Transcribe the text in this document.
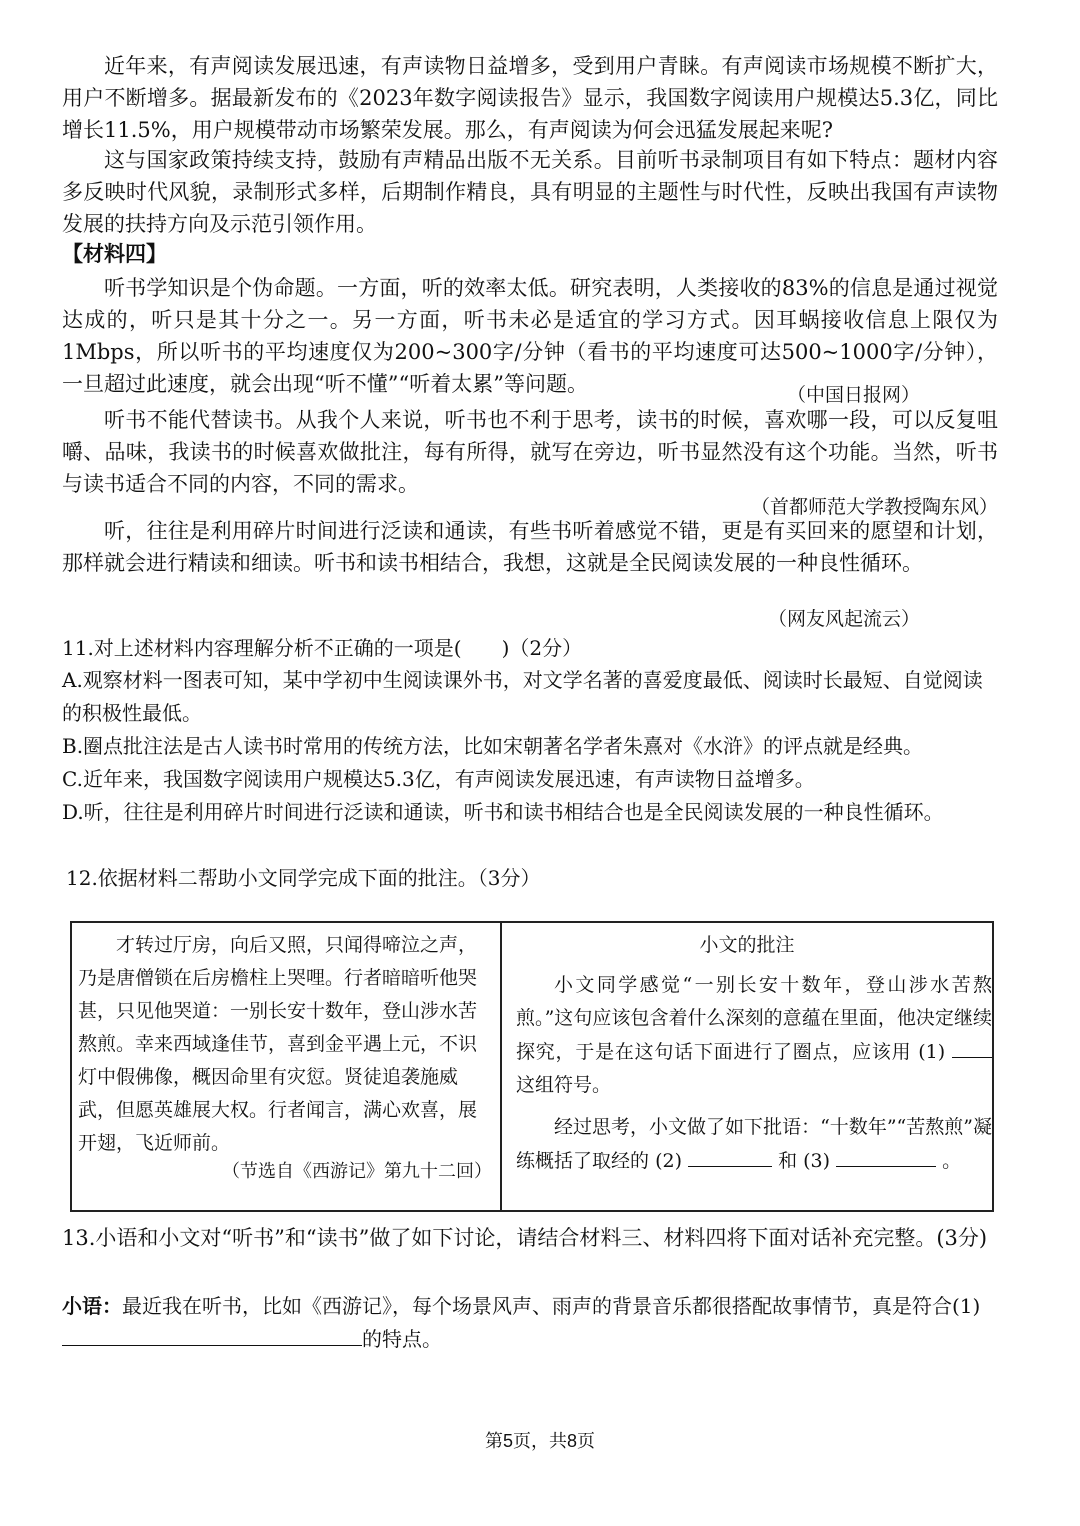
近年来，有声阅读发展迅速，有声读物日益增多，受到用户青睐。有声阅读市场规模不断扩大，用户不断增多。据最新发布的《2023年数字阅读报告》显示，我国数字阅读用户规模达5.3亿，同比增长11.5%，用户规模带动市场繁荣发展。那么，有声阅读为何会迅猛发展起来呢?

这与国家政策持续支持，鼓励有声精品出版不无关系。目前听书录制项目有如下特点：题材内容多反映时代风貌，录制形式多样，后期制作精良，具有明显的主题性与时代性，反映出我国有声读物发展的扶持方向及示范引领作用。

【材料四】

听书学知识是个伪命题。一方面，听的效率太低。研究表明，人类接收的83%的信息是通过视觉达成的，听只是其十分之一。另一方面，听书未必是适宜的学习方式。因耳蜗接收信息上限仅为1Mbps，所以听书的平均速度仅为200~300字/分钟（看书的平均速度可达500~1000字/分钟），一旦超过此速度，就会出现“听不懂”“听着太累”等问题。	（中国日报网）

听书不能代替读书。从我个人来说，听书也不利于思考，读书的时候，喜欢哪一段，可以反复咀嚼、品味，我读书的时候喜欢做批注，每有所得，就写在旁边，听书显然没有这个功能。当然，听书与读书适合不同的内容，不同的需求。

（首都师范大学教授陶东风）

听，往往是利用碎片时间进行泛读和通读，有些书听着感觉不错，更是有买回来的愿望和计划，那样就会进行精读和细读。听书和读书相结合，我想，这就是全民阅读发展的一种良性循环。

（网友风起流云）

11.对上述材料内容理解分析不正确的一项是(　　)（2分）

A.观察材料一图表可知，某中学初中生阅读课外书，对文学名著的喜爱度最低、阅读时长最短、自觉阅读的积极性最低。

B.圈点批注法是古人读书时常用的传统方法，比如宋朝著名学者朱熹对《水浒》的评点就是经典。

C.近年来，我国数字阅读用户规模达5.3亿，有声阅读发展迅速，有声读物日益增多。

D.听，往往是利用碎片时间进行泛读和通读，听书和读书相结合也是全民阅读发展的一种良性循环。

12.依据材料二帮助小文同学完成下面的批注。（3分）

才转过厅房，向后又照，只闻得啼泣之声，乃是唐僧锁在后房檐柱上哭哩。行者暗暗听他哭甚，只见他哭道：一别长安十数年，登山涉水苦熬煎。幸来西域逢佳节，喜到金平遇上元，不识灯中假佛像，概因命里有灾愆。贤徒追袭施威武，但愿英雄展大权。行者闻言，满心欢喜，展开翅，飞近师前。

（节选自《西游记》第九十二回）

小文的批注

小文同学感觉“一别长安十数年，登山涉水苦熬煎。”这句应该包含着什么深刻的意蕴在里面，他决定继续探究，于是在这句话下面进行了圈点，应该用 (1)  这组符号。

经过思考，小文做了如下批语：“十数年”“苦熬煎”凝练概括了取经的 (2)	和 (3)	。

13.小语和小文对“听书”和“读书”做了如下讨论，请结合材料三、材料四将下面对话补充完整。(3分)

小语：最近我在听书，比如《西游记》，每个场景风声、雨声的背景音乐都很搭配故事情节，真是符合(1)的特点。

第5页，共8页
